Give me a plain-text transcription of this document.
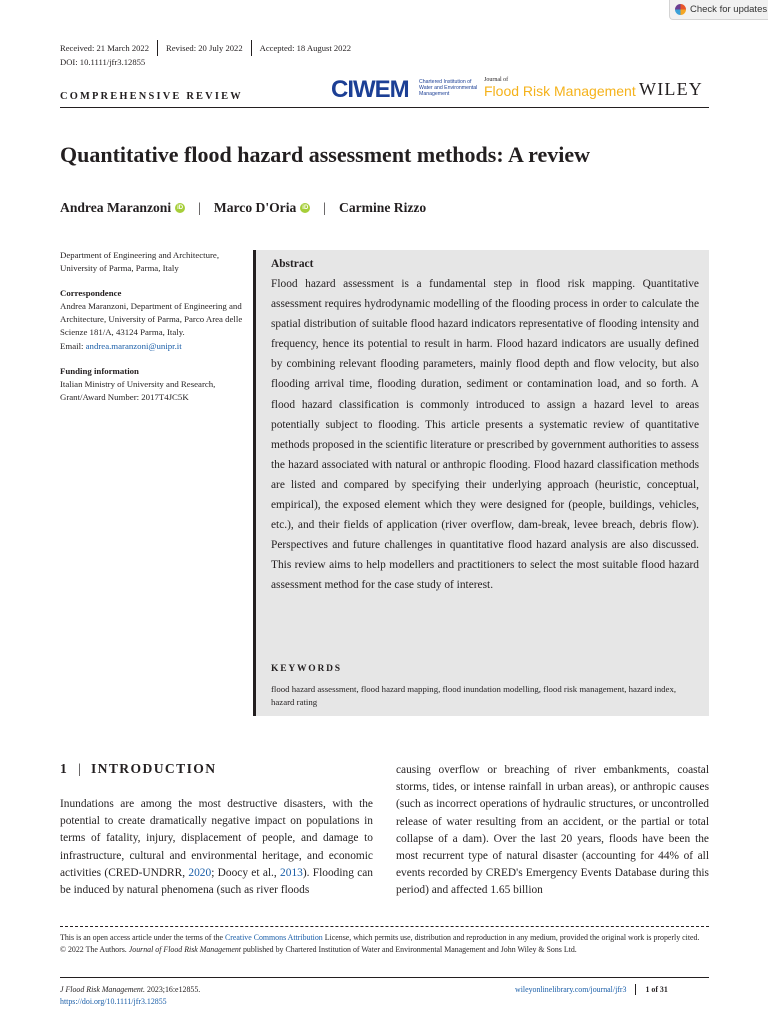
Check for updates
Received: 21 March 2022 Revised: 20 July 2022 Accepted: 18 August 2022
DOI: 10.1111/jfr3.12855
COMPREHENSIVE REVIEW	CIWEM Chartered Institution of Water and Environmental Management
Journal of
Flood Risk Management WILEY
Quantitative flood hazard assessment methods: A review
Andrea Maranzoni	iD | Marco D'Oria	iD | Carmine Rizzo

Department of Engineering and Architecture, University of Parma, Parma, Italy

Correspondence

Andrea Maranzoni, Department of Engineering and Architecture, University of Parma, Parco Area delle Scienze 181/A, 43124 Parma, Italy.

Email: andrea.maranzoni@unipr.it

Funding information

Italian Ministry of University and Research, Grant/Award Number: 2017T4JC5K

Abstract

Flood hazard assessment is a fundamental step in flood risk mapping. Quantitative assessment requires hydrodynamic modelling of the flooding process in order to calculate the spatial distribution of suitable flood hazard indicators representative of flooding intensity and frequency, hence its potential to result in harm. Flood hazard indicators are usually defined by combining relevant flooding parameters, mainly flood depth and flow velocity, but also flooding arrival time, flooding duration, sediment or contamination load, and so forth. A flood hazard classification is commonly introduced to assign a hazard level to areas potentially subject to flooding. This article presents a systematic review of quantitative methods proposed in the scientific literature or prescribed by government authorities to assess the hazard associated with natural or anthropic flooding. Flood hazard classification methods are listed and compared by specifying their underlying approach (heuristic, conceptual, empirical), the exposed element which they were designed for (people, buildings, vehicles, etc.), and their fields of application (river overflow, dam-break, levee breach, debris flow). Perspectives and future challenges in quantitative flood hazard analysis are also discussed. This review aims to help modellers and practitioners to select the most suitable flood hazard assessment method for the case study of interest.

KEYWORDS

flood hazard assessment, flood hazard mapping, flood inundation modelling, flood risk management, hazard index, hazard rating

1 | INTRODUCTION

Inundations are among the most destructive disasters, with the potential to create dramatically negative impact on populations in terms of fatality, injury, displacement of people, and damage to infrastructure, cultural and environmental heritage, and economic activities (CRED-UNDRR, 2020; Doocy et al., 2013). Flooding can be induced by natural phenomena (such as river floods

causing overflow or breaching of river embankments, coastal storms, tides, or intense rainfall in urban areas), or anthropic causes (such as incorrect operations of hydraulic structures, or uncontrolled release of water resulting from an accident, or the partial or total collapse of a dam). Over the last 20 years, floods have been the most recurrent type of natural disaster (accounting for 44% of all events recorded by CRED's Emergency Events Database during this period) and affected 1.65 billion

This is an open access article under the terms of the Creative Commons Attribution License, which permits use, distribution and reproduction in any medium, provided the original work is properly cited.
© 2022 The Authors. Journal of Flood Risk Management published by Chartered Institution of Water and Environmental Management and John Wiley & Sons Ltd.

J Flood Risk Management. 2023;16:e12855.
https://doi.org/10.1111/jfr3.12855
wileyonlinelibrary.com/journal/jfr3 1 of 31
